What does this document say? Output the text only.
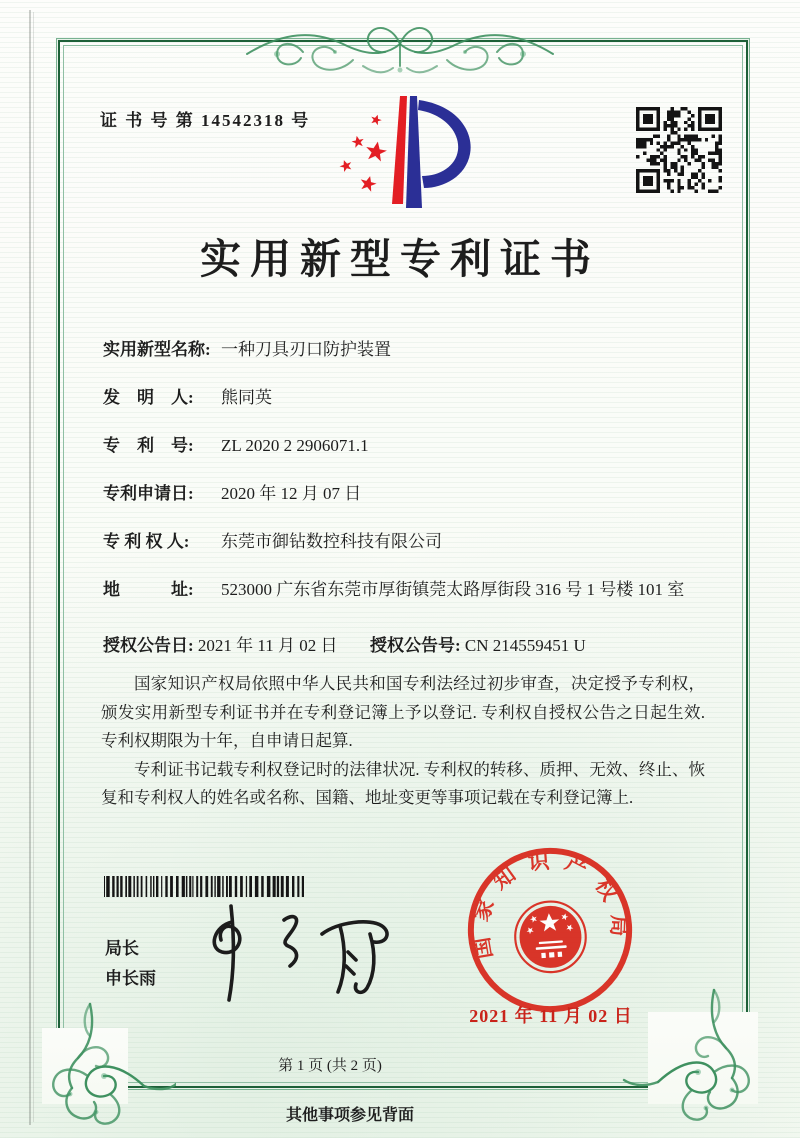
证 书 号 第 14542318 号
实用新型专利证书
实用新型名称: 一种刀具刃口防护装置
发　明　人:	熊同英
专　利　号:	ZL 2020 2 2906071.1
专利申请日:	2020 年 12 月 07 日
专 利 权 人:	东莞市御钻数控科技有限公司
地　　　址:	523000 广东省东莞市厚街镇莞太路厚街段 316 号 1 号楼 101 室
授权公告日: 2021 年 11 月 02 日	授权公告号: CN 214559451 U

国家知识产权局依照中华人民共和国专利法经过初步审查，决定授予专利权，颁发实用新型专利证书并在专利登记簿上予以登记. 专利权自授权公告之日起生效. 专利权期限为十年，自申请日起算.

专利证书记载专利权登记时的法律状况. 专利权的转移、质押、无效、终止、恢复和专利权人的姓名或名称、国籍、地址变更等事项记载在专利登记簿上.

局长
申长雨
国家知识产权局
2021 年 11 月 02 日
第 1 页 (共 2 页)
其他事项参见背面
